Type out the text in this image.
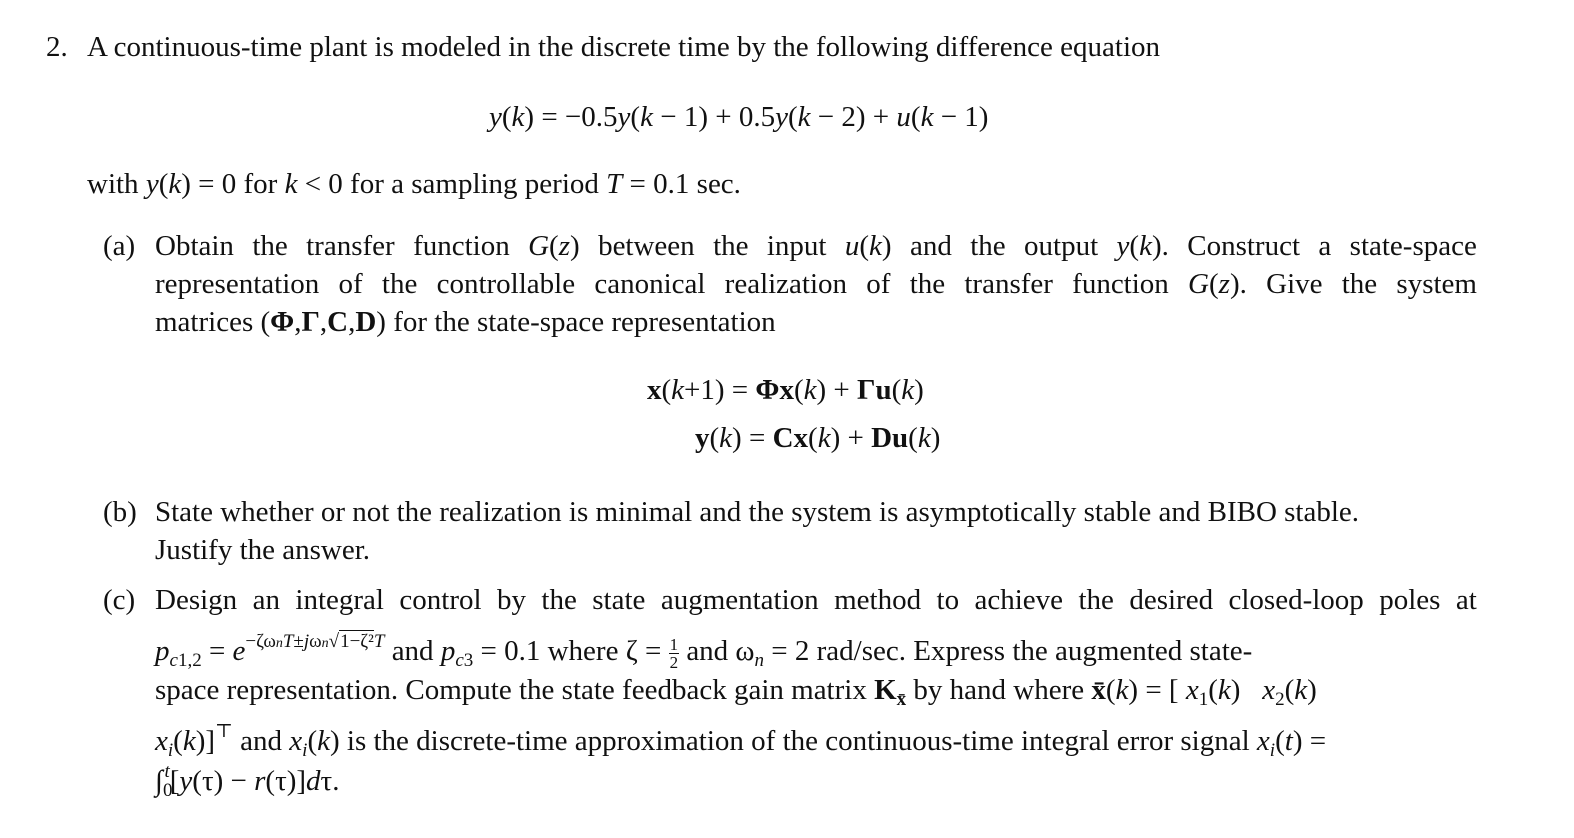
2. A continuous-time plant is modeled in the discrete time by the following difference equation
y(k) = −0.5y(k − 1) + 0.5y(k − 2) + u(k − 1)
with y(k) = 0 for k < 0 for a sampling period T = 0.1 sec.
(a) Obtain the transfer function G(z) between the input u(k) and the output y(k). Construct a state-space
representation of the controllable canonical realization of the transfer function G(z). Give the system
matrices (Φ,Γ,C,D) for the state-space representation
x(k+1) = Φx(k) + Γu(k)
y(k) = Cx(k) + Du(k)
(b) State whether or not the realization is minimal and the system is asymptotically stable and BIBO stable.
Justify the answer.
(c) Design an integral control by the state augmentation method to achieve the desired closed-loop poles at
$p_{c1,2} = e^{-\zeta\omega nT\pm j\omega n√1-\zeta^2T}$ and $p_{c3} = 0.1$ where $\zeta = \frac{1}{2}$ and $\omega_n = 2$ rad/sec. Express the augmented state-
space representation. Compute the state feedback gain matrix $K_{x̄}$ by hand where x̄(k) = [ $x_1(k)$   $x_2(k)$
$x_i(k)]^⊤$ and $x_i(k)$ is the discrete-time approximation of the continuous-time integral error signal $x_i(t)$ =
$\int_0^t[y(\tau) - r(\tau)]d\tau$.
